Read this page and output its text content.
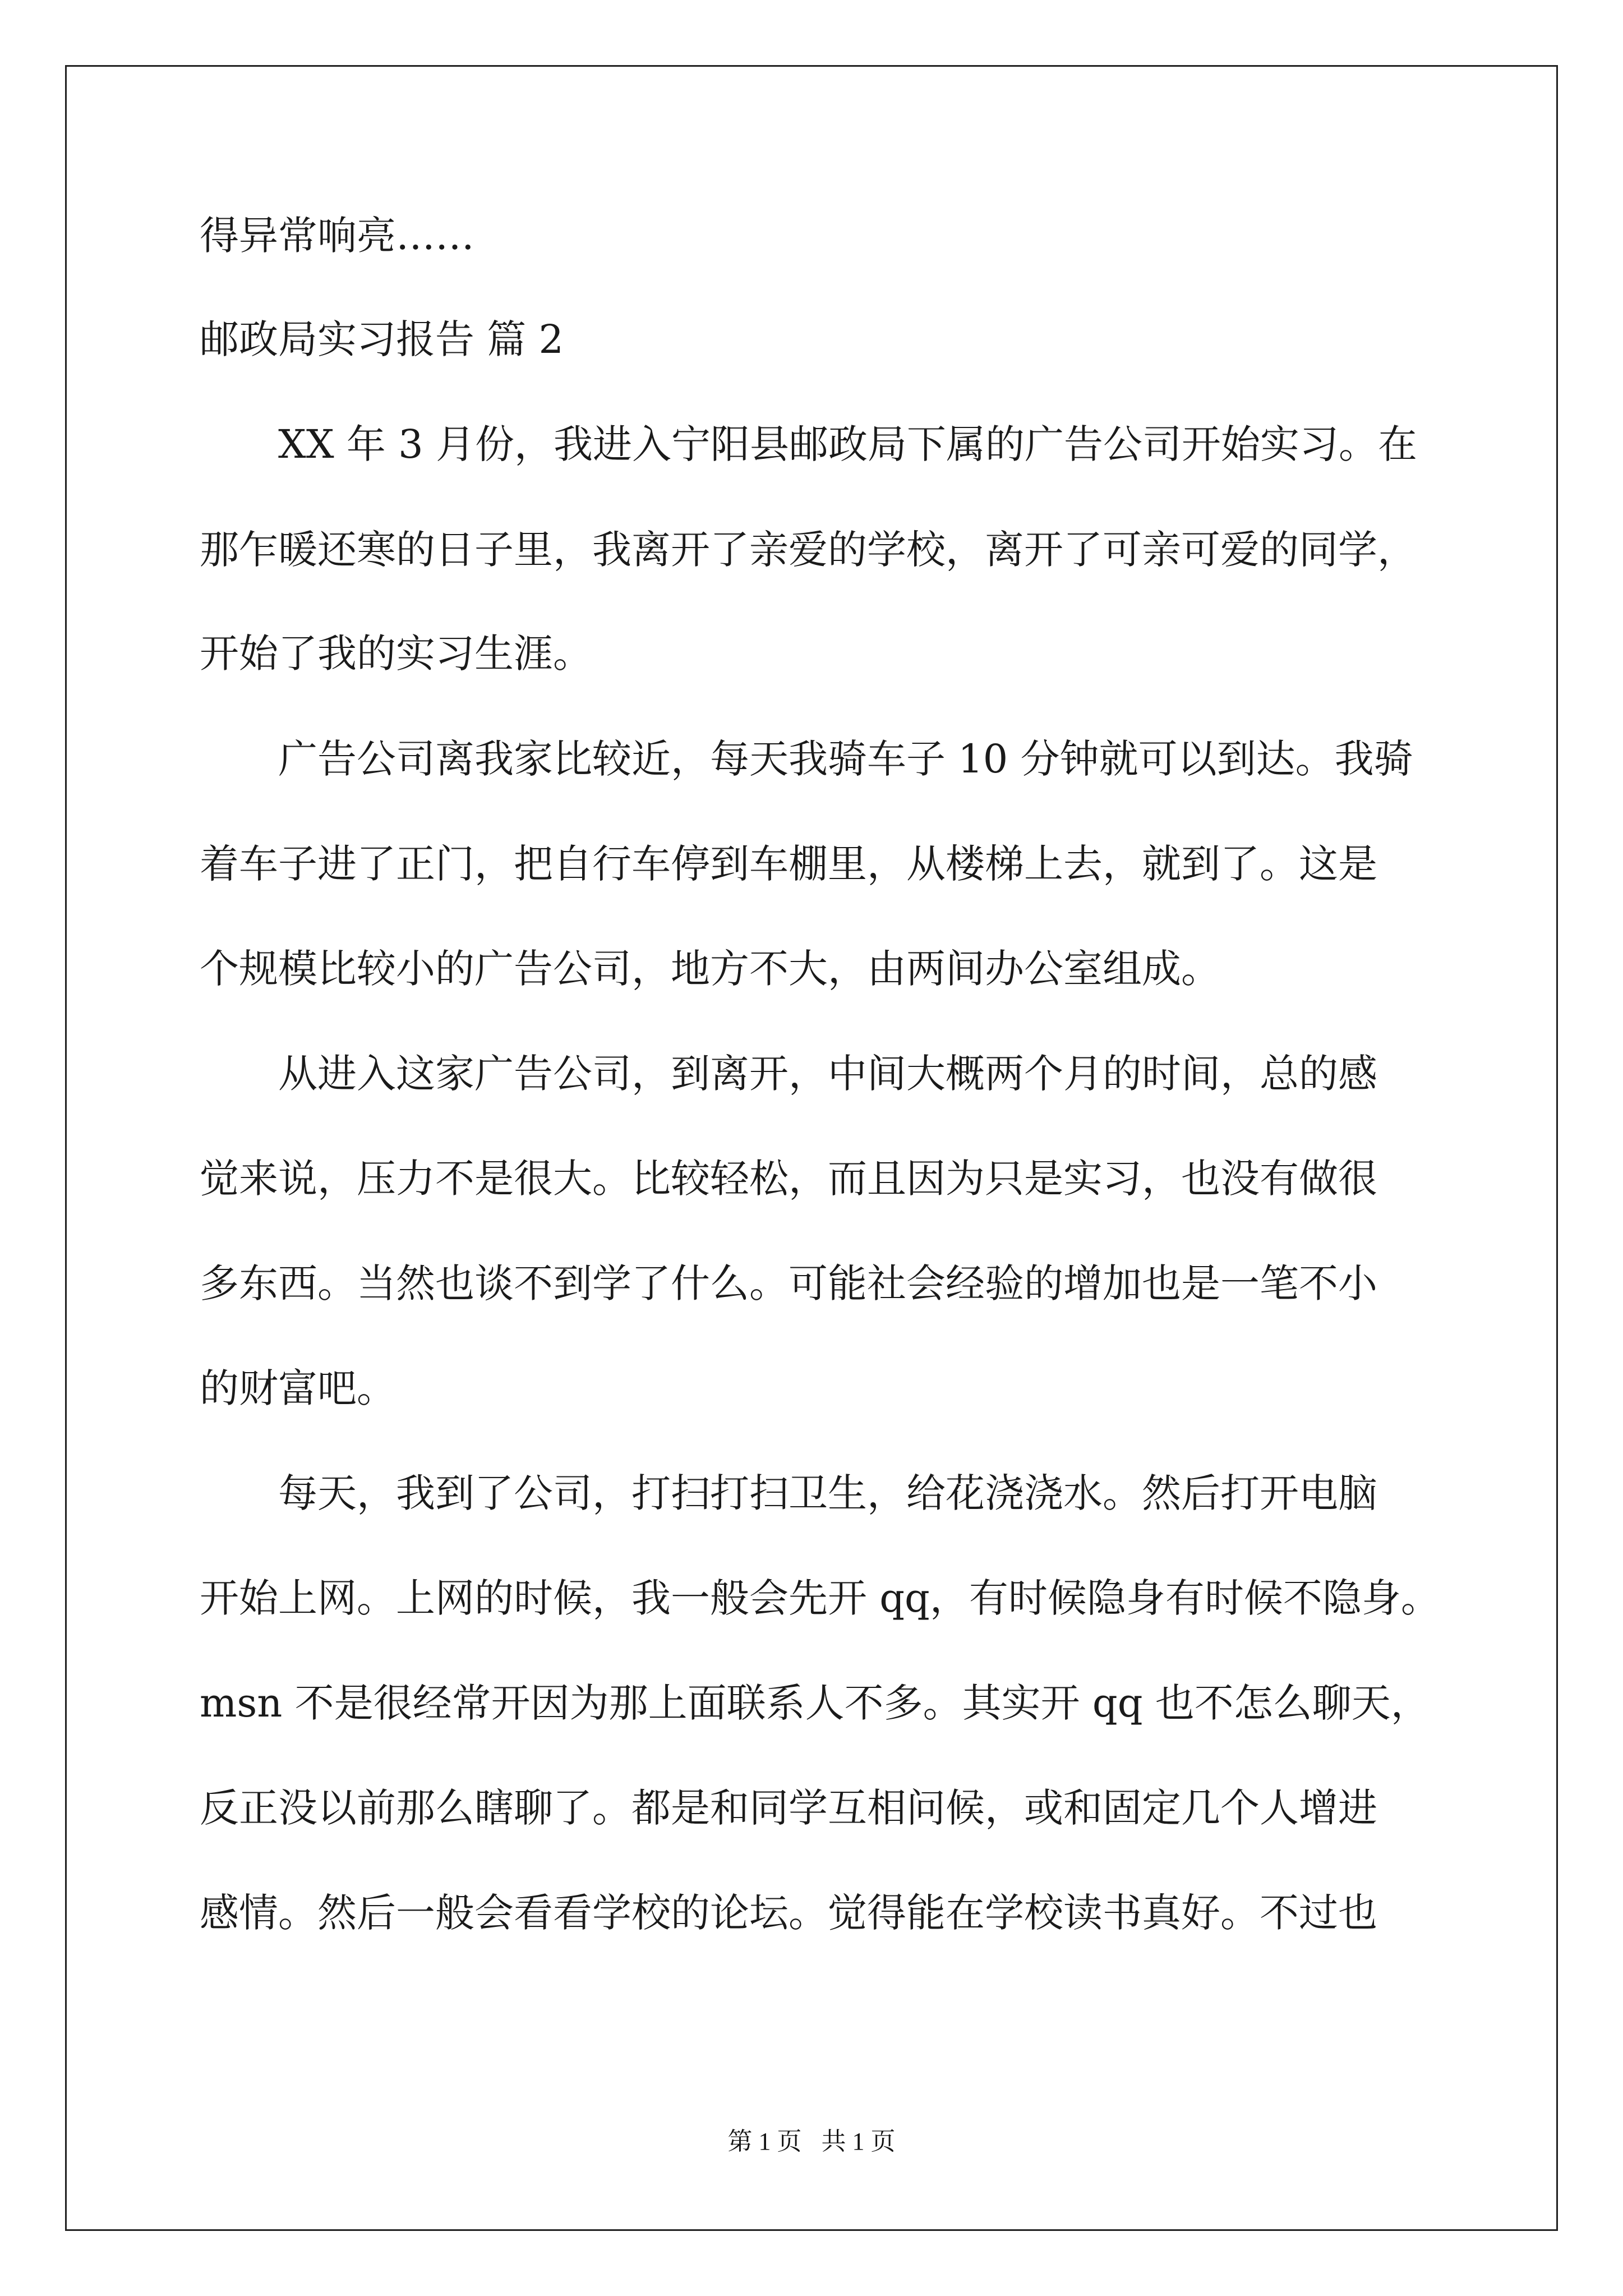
得异常响亮……
邮政局实习报告 篇 2
XX 年 3 月份，我进入宁阳县邮政局下属的广告公司开始实习。在
那乍暖还寒的日子里，我离开了亲爱的学校，离开了可亲可爱的同学，
开始了我的实习生涯。
广告公司离我家比较近，每天我骑车子 10 分钟就可以到达。我骑
着车子进了正门，把自行车停到车棚里，从楼梯上去，就到了。这是
个规模比较小的广告公司，地方不大，由两间办公室组成。
从进入这家广告公司，到离开，中间大概两个月的时间，总的感
觉来说，压力不是很大。比较轻松，而且因为只是实习，也没有做很
多东西。当然也谈不到学了什么。可能社会经验的增加也是一笔不小
的财富吧。
每天，我到了公司，打扫打扫卫生，给花浇浇水。然后打开电脑
开始上网。上网的时候，我一般会先开 qq，有时候隐身有时候不隐身。
msn 不是很经常开因为那上面联系人不多。其实开 qq 也不怎么聊天，
反正没以前那么瞎聊了。都是和同学互相问候，或和固定几个人增进
感情。然后一般会看看学校的论坛。觉得能在学校读书真好。不过也
第 1 页 共 1 页
